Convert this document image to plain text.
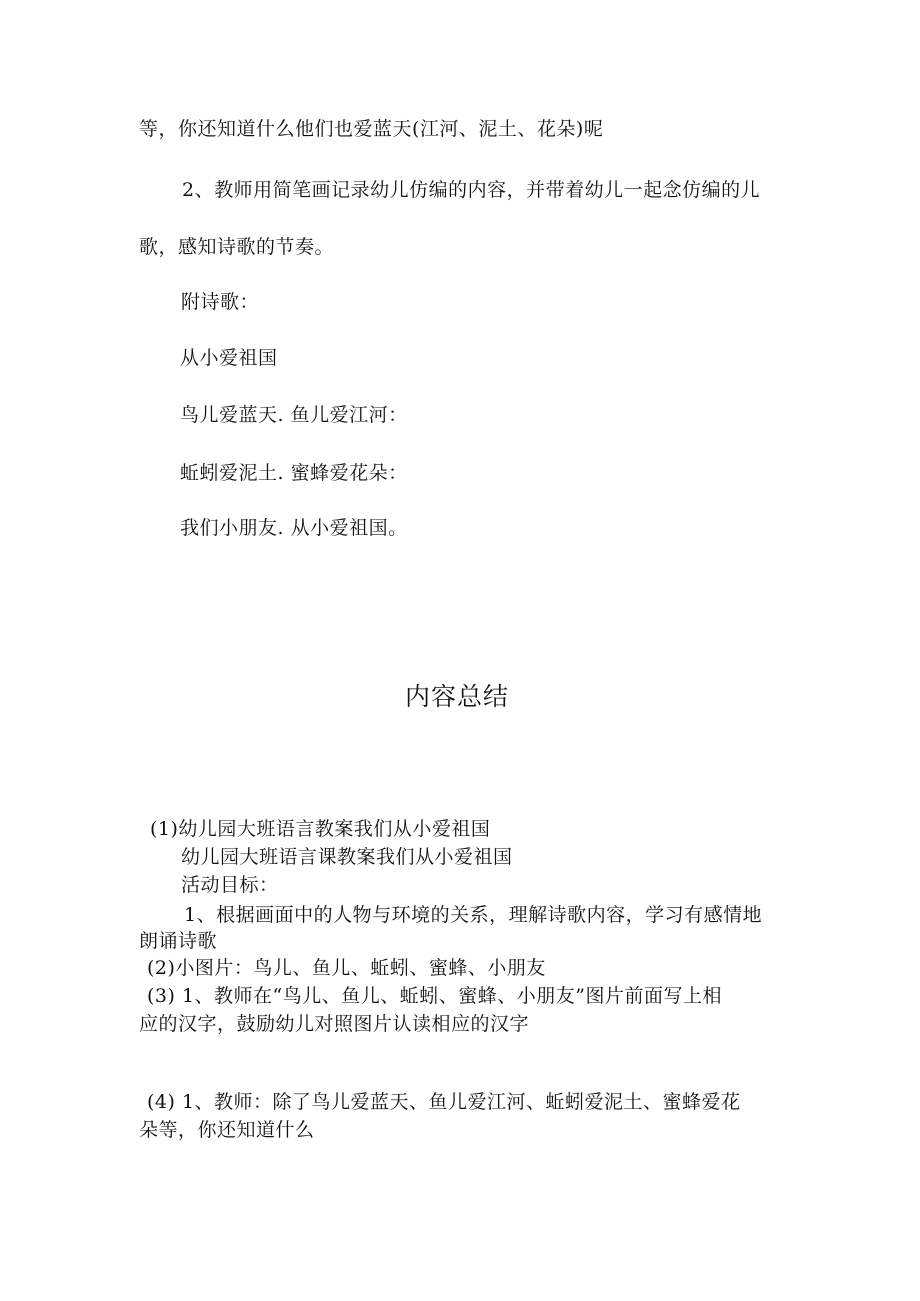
等，你还知道什么他们也爱蓝天(江河、泥土、花朵)呢
2、教师用简笔画记录幼儿仿编的内容，并带着幼儿一起念仿编的儿
歌，感知诗歌的节奏。
附诗歌：
从小爱祖国
鸟儿爱蓝天. 鱼儿爱江河：
蚯蚓爱泥土. 蜜蜂爱花朵：
我们小朋友. 从小爱祖国。
内容总结
(1)幼儿园大班语言教案我们从小爱祖国
幼儿园大班语言课教案我们从小爱祖国
活动目标：
1、根据画面中的人物与环境的关系，理解诗歌内容，学习有感情地
朗诵诗歌
(2)小图片：鸟儿、鱼儿、蚯蚓、蜜蜂、小朋友
(3) 1、教师在“鸟儿、鱼儿、蚯蚓、蜜蜂、小朋友”图片前面写上相
应的汉字，鼓励幼儿对照图片认读相应的汉字
(4) 1、教师：除了鸟儿爱蓝天、鱼儿爱江河、蚯蚓爱泥土、蜜蜂爱花
朵等，你还知道什么
